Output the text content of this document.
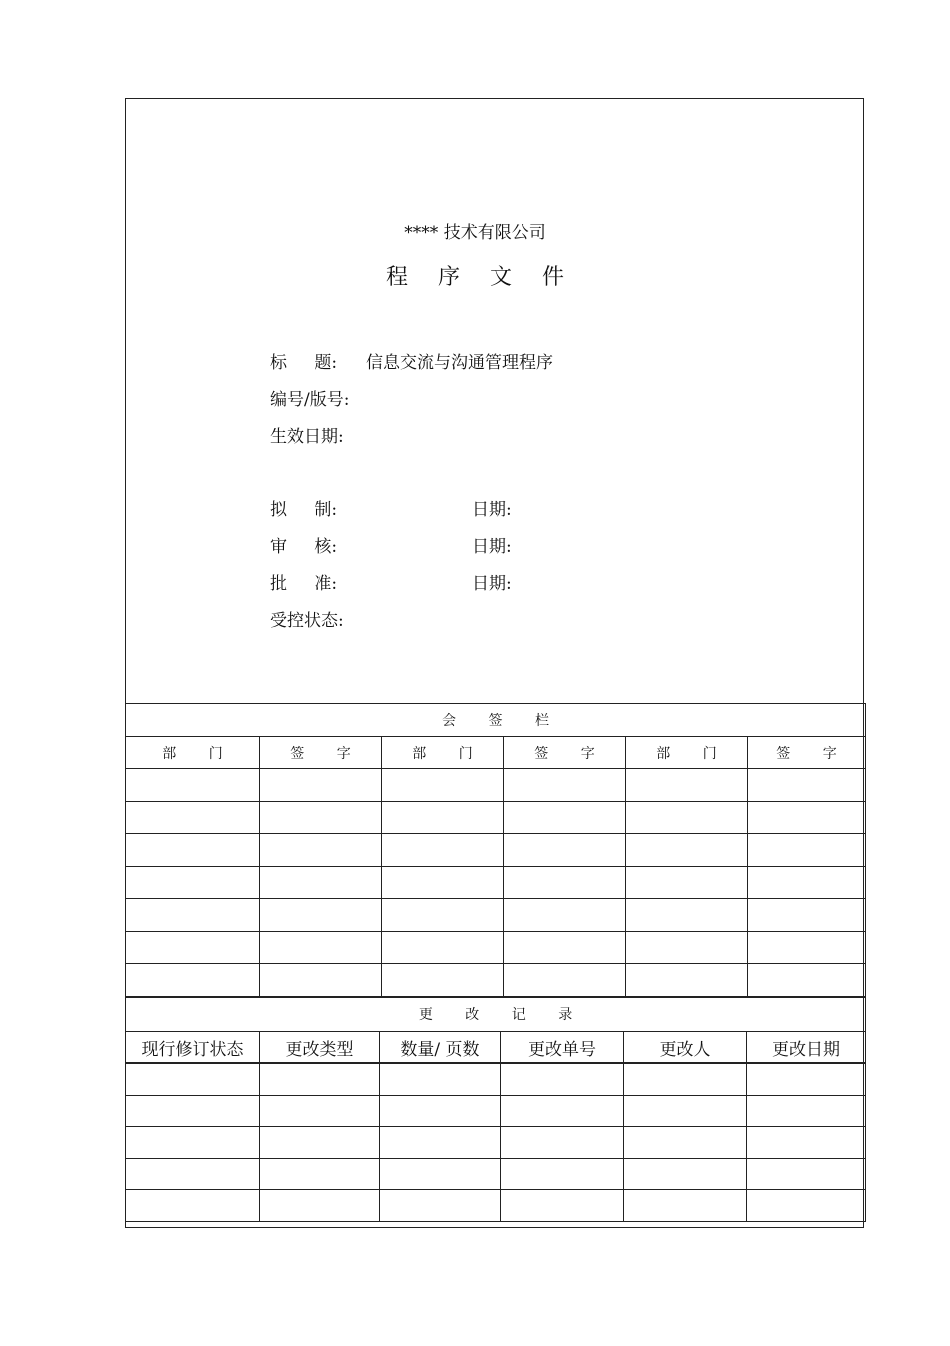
**** 技术有限公司
程 序 文 件
标 题: 信息交流与沟通管理程序
编号/版号:
生效日期:
拟 制:	日期:
审 核:	日期:
批 准:	日期:
受控状态:
会 签 栏					
部 门	签 字	部 门	签 字	部 门	签 字

更 改 记 录					
现行修订状态	更改类型	数量/ 页数	更改单号	更改人	更改日期
